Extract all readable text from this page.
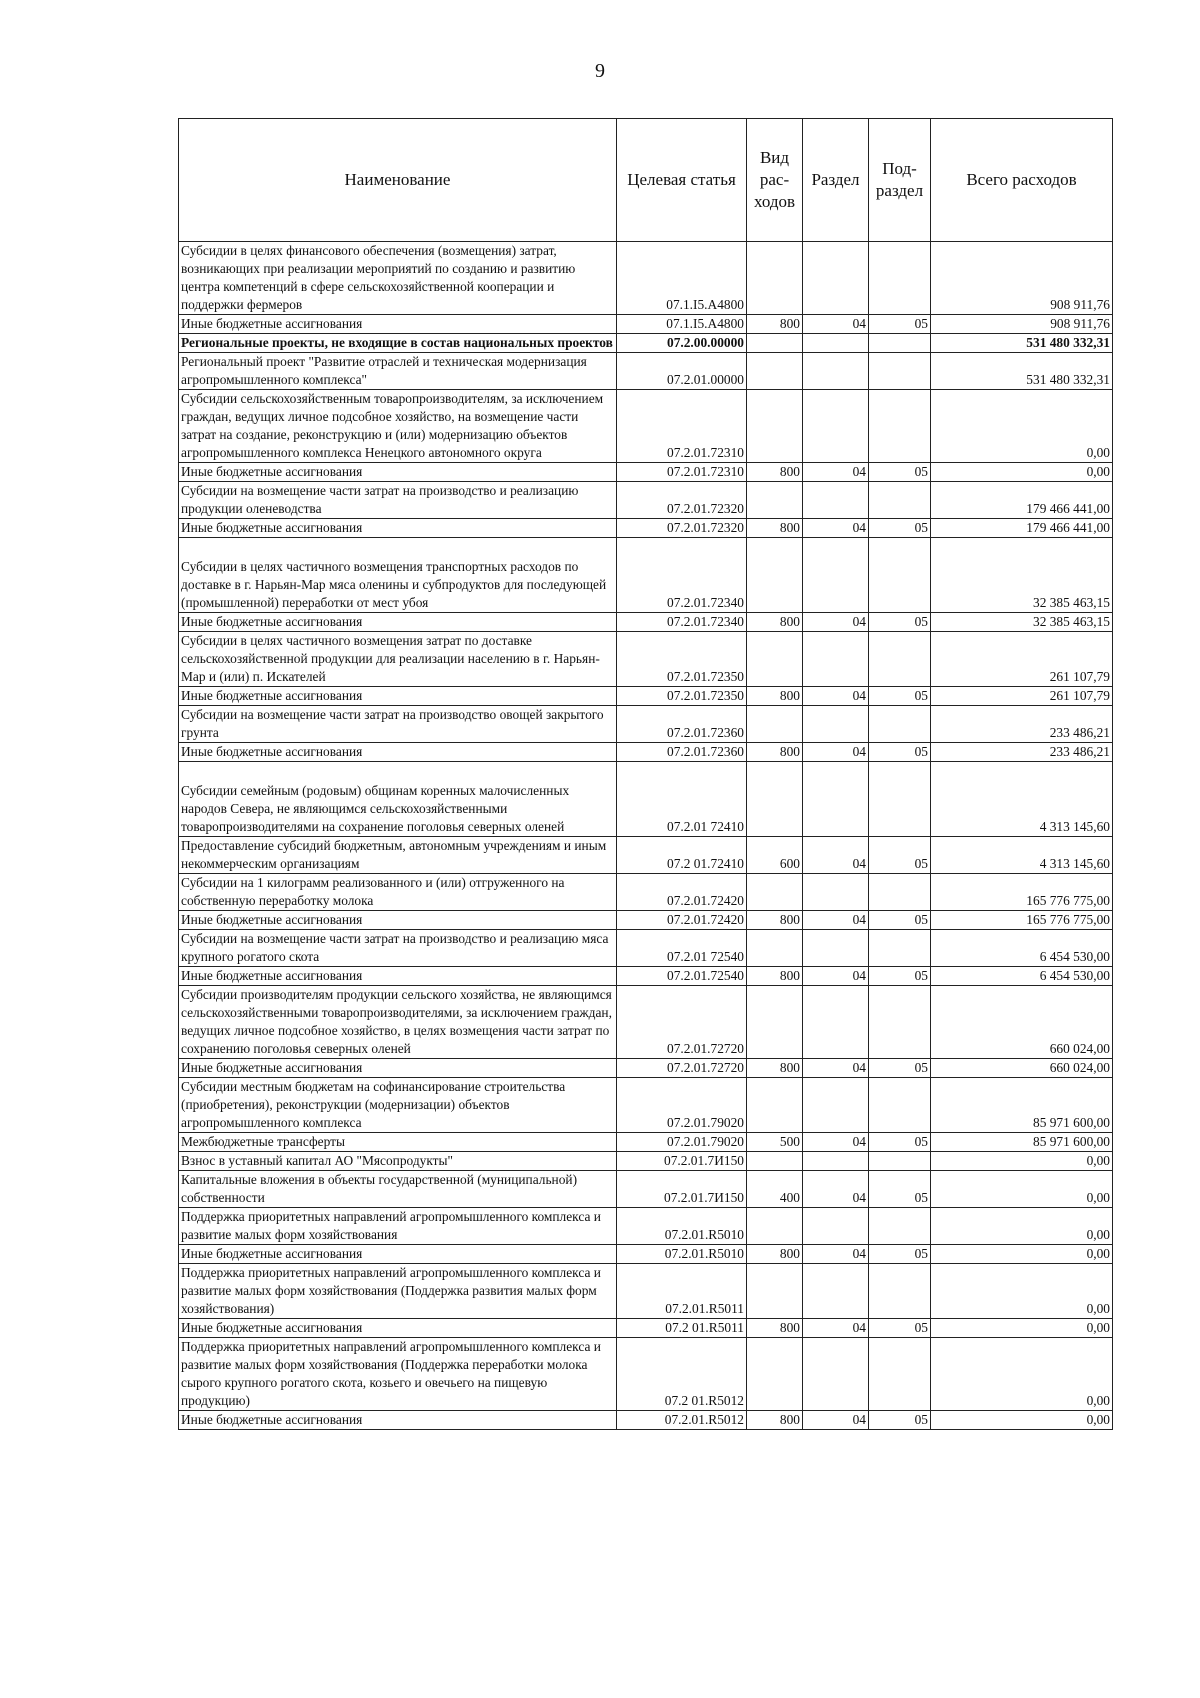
9
Наименование	Целевая статья	Вид рас- ходов	Раздел	Под- раздел	Всего расходов
Субсидии в целях финансового обеспечения (возмещения) затрат, возникающих при реализации мероприятий по созданию и развитию центра компетенций в сфере сельскохозяйственной кооперации и поддержки фермеров	07.1.I5.А4800				908 911,76
Иные бюджетные ассигнования	07.1.I5.А4800	800	04	05	908 911,76
Региональные проекты, не входящие в состав национальных проектов	07.2.00.00000				531 480 332,31
Региональный проект "Развитие отраслей и техническая модернизация агропромышленного комплекса"	07.2.01.00000				531 480 332,31
Субсидии сельскохозяйственным товаропроизводителям, за исключением граждан, ведущих личное подсобное хозяйство, на возмещение части затрат на создание, реконструкцию и (или) модернизацию объектов агропромышленного комплекса Ненецкого автономного округа	07.2.01.72310				0,00
Иные бюджетные ассигнования	07.2.01.72310	800	04	05	0,00
Субсидии на возмещение части затрат на производство и реализацию продукции оленеводства	07.2.01.72320				179 466 441,00
Иные бюджетные ассигнования	07.2.01.72320	800	04	05	179 466 441,00
Субсидии в целях частичного возмещения транспортных расходов по доставке в г. Нарьян-Мар мяса оленины и субпродуктов для последующей (промышленной) переработки от мест убоя	07.2.01.72340				32 385 463,15
Иные бюджетные ассигнования	07.2.01.72340	800	04	05	32 385 463,15
Субсидии в целях частичного возмещения затрат по доставке сельскохозяйственной продукции для реализации населению в г. Нарьян-Мар и (или) п. Искателей	07.2.01.72350				261 107,79
Иные бюджетные ассигнования	07.2.01.72350	800	04	05	261 107,79
Субсидии на возмещение части затрат на производство овощей закрытого грунта	07.2.01.72360				233 486,21
Иные бюджетные ассигнования	07.2.01.72360	800	04	05	233 486,21
Субсидии семейным (родовым) общинам коренных малочисленных народов Севера, не являющимся сельскохозяйственными товаропроизводителями на сохранение поголовья северных оленей	07.2.01 72410				4 313 145,60
Предоставление субсидий бюджетным, автономным учреждениям и иным некоммерческим организациям	07.2 01.72410	600	04	05	4 313 145,60
Субсидии на 1 килограмм реализованного и (или) отгруженного на собственную переработку молока	07.2.01.72420				165 776 775,00
Иные бюджетные ассигнования	07.2.01.72420	800	04	05	165 776 775,00
Субсидии на возмещение части затрат на производство и реализацию мяса крупного рогатого скота	07.2.01 72540				6 454 530,00
Иные бюджетные ассигнования	07.2.01.72540	800	04	05	6 454 530,00
Субсидии производителям продукции сельского хозяйства, не являющимся сельскохозяйственными товаропроизводителями, за исключением граждан, ведущих личное подсобное хозяйство, в целях возмещения части затрат по сохранению поголовья северных оленей	07.2.01.72720				660 024,00
Иные бюджетные ассигнования	07.2.01.72720	800	04	05	660 024,00
Субсидии местным бюджетам на софинансирование строительства (приобретения), реконструкции (модернизации) объектов агропромышленного комплекса	07.2.01.79020				85 971 600,00
Межбюджетные трансферты	07.2.01.79020	500	04	05	85 971 600,00
Взнос в уставный капитал АО "Мясопродукты"	07.2.01.7И150				0,00
Капитальные вложения в объекты государственной (муниципальной) собственности	07.2.01.7И150	400	04	05	0,00
Поддержка приоритетных направлений агропромышленного комплекса и развитие малых форм хозяйствования	07.2.01.R5010				0,00
Иные бюджетные ассигнования	07.2.01.R5010	800	04	05	0,00
Поддержка приоритетных направлений агропромышленного комплекса и развитие малых форм хозяйствования (Поддержка развития малых форм хозяйствования)	07.2.01.R5011				0,00
Иные бюджетные ассигнования	07.2 01.R5011	800	04	05	0,00
Поддержка приоритетных направлений агропромышленного комплекса и развитие малых форм хозяйствования (Поддержка переработки молока сырого крупного рогатого скота, козьего и овечьего на пищевую продукцию)	07.2 01.R5012				0,00
Иные бюджетные ассигнования	07.2.01.R5012	800	04	05	0,00
